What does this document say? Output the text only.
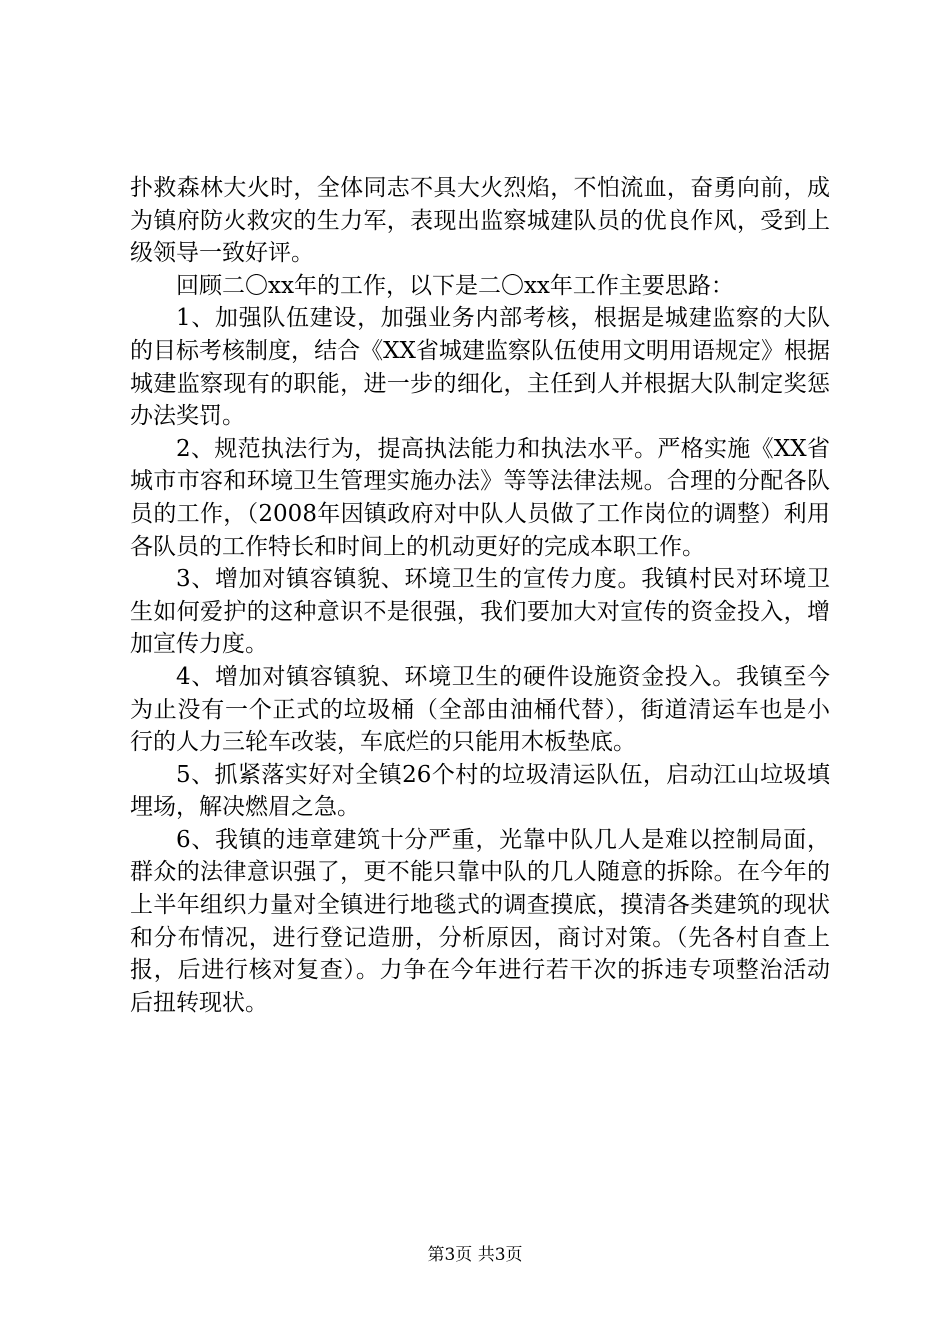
扑救森林大火时，全体同志不具大火烈焰，不怕流血，奋勇向前，成为镇府防火救灾的生力军，表现出监察城建队员的优良作风，受到上级领导一致好评。

回顾二〇xx年的工作，以下是二〇xx年工作主要思路：

1、加强队伍建设，加强业务内部考核，根据是城建监察的大队的目标考核制度，结合《XX省城建监察队伍使用文明用语规定》根据城建监察现有的职能，进一步的细化，主任到人并根据大队制定奖惩办法奖罚。

2、规范执法行为，提高执法能力和执法水平。严格实施《XX省城市市容和环境卫生管理实施办法》等等法律法规。合理的分配各队员的工作，（2008年因镇政府对中队人员做了工作岗位的调整）利用各队员的工作特长和时间上的机动更好的完成本职工作。

3、增加对镇容镇貌、环境卫生的宣传力度。我镇村民对环境卫生如何爱护的这种意识不是很强，我们要加大对宣传的资金投入，增加宣传力度。

4、增加对镇容镇貌、环境卫生的硬件设施资金投入。我镇至今为止没有一个正式的垃圾桶（全部由油桶代替），街道清运车也是小行的人力三轮车改装，车底烂的只能用木板垫底。

5、抓紧落实好对全镇26个村的垃圾清运队伍，启动江山垃圾填埋场，解决燃眉之急。

6、我镇的违章建筑十分严重，光靠中队几人是难以控制局面，群众的法律意识强了，更不能只靠中队的几人随意的拆除。在今年的上半年组织力量对全镇进行地毯式的调查摸底，摸清各类建筑的现状和分布情况，进行登记造册，分析原因，商讨对策。（先各村自查上报，后进行核对复查）。力争在今年进行若干次的拆违专项整治活动后扭转现状。

第3页 共3页
